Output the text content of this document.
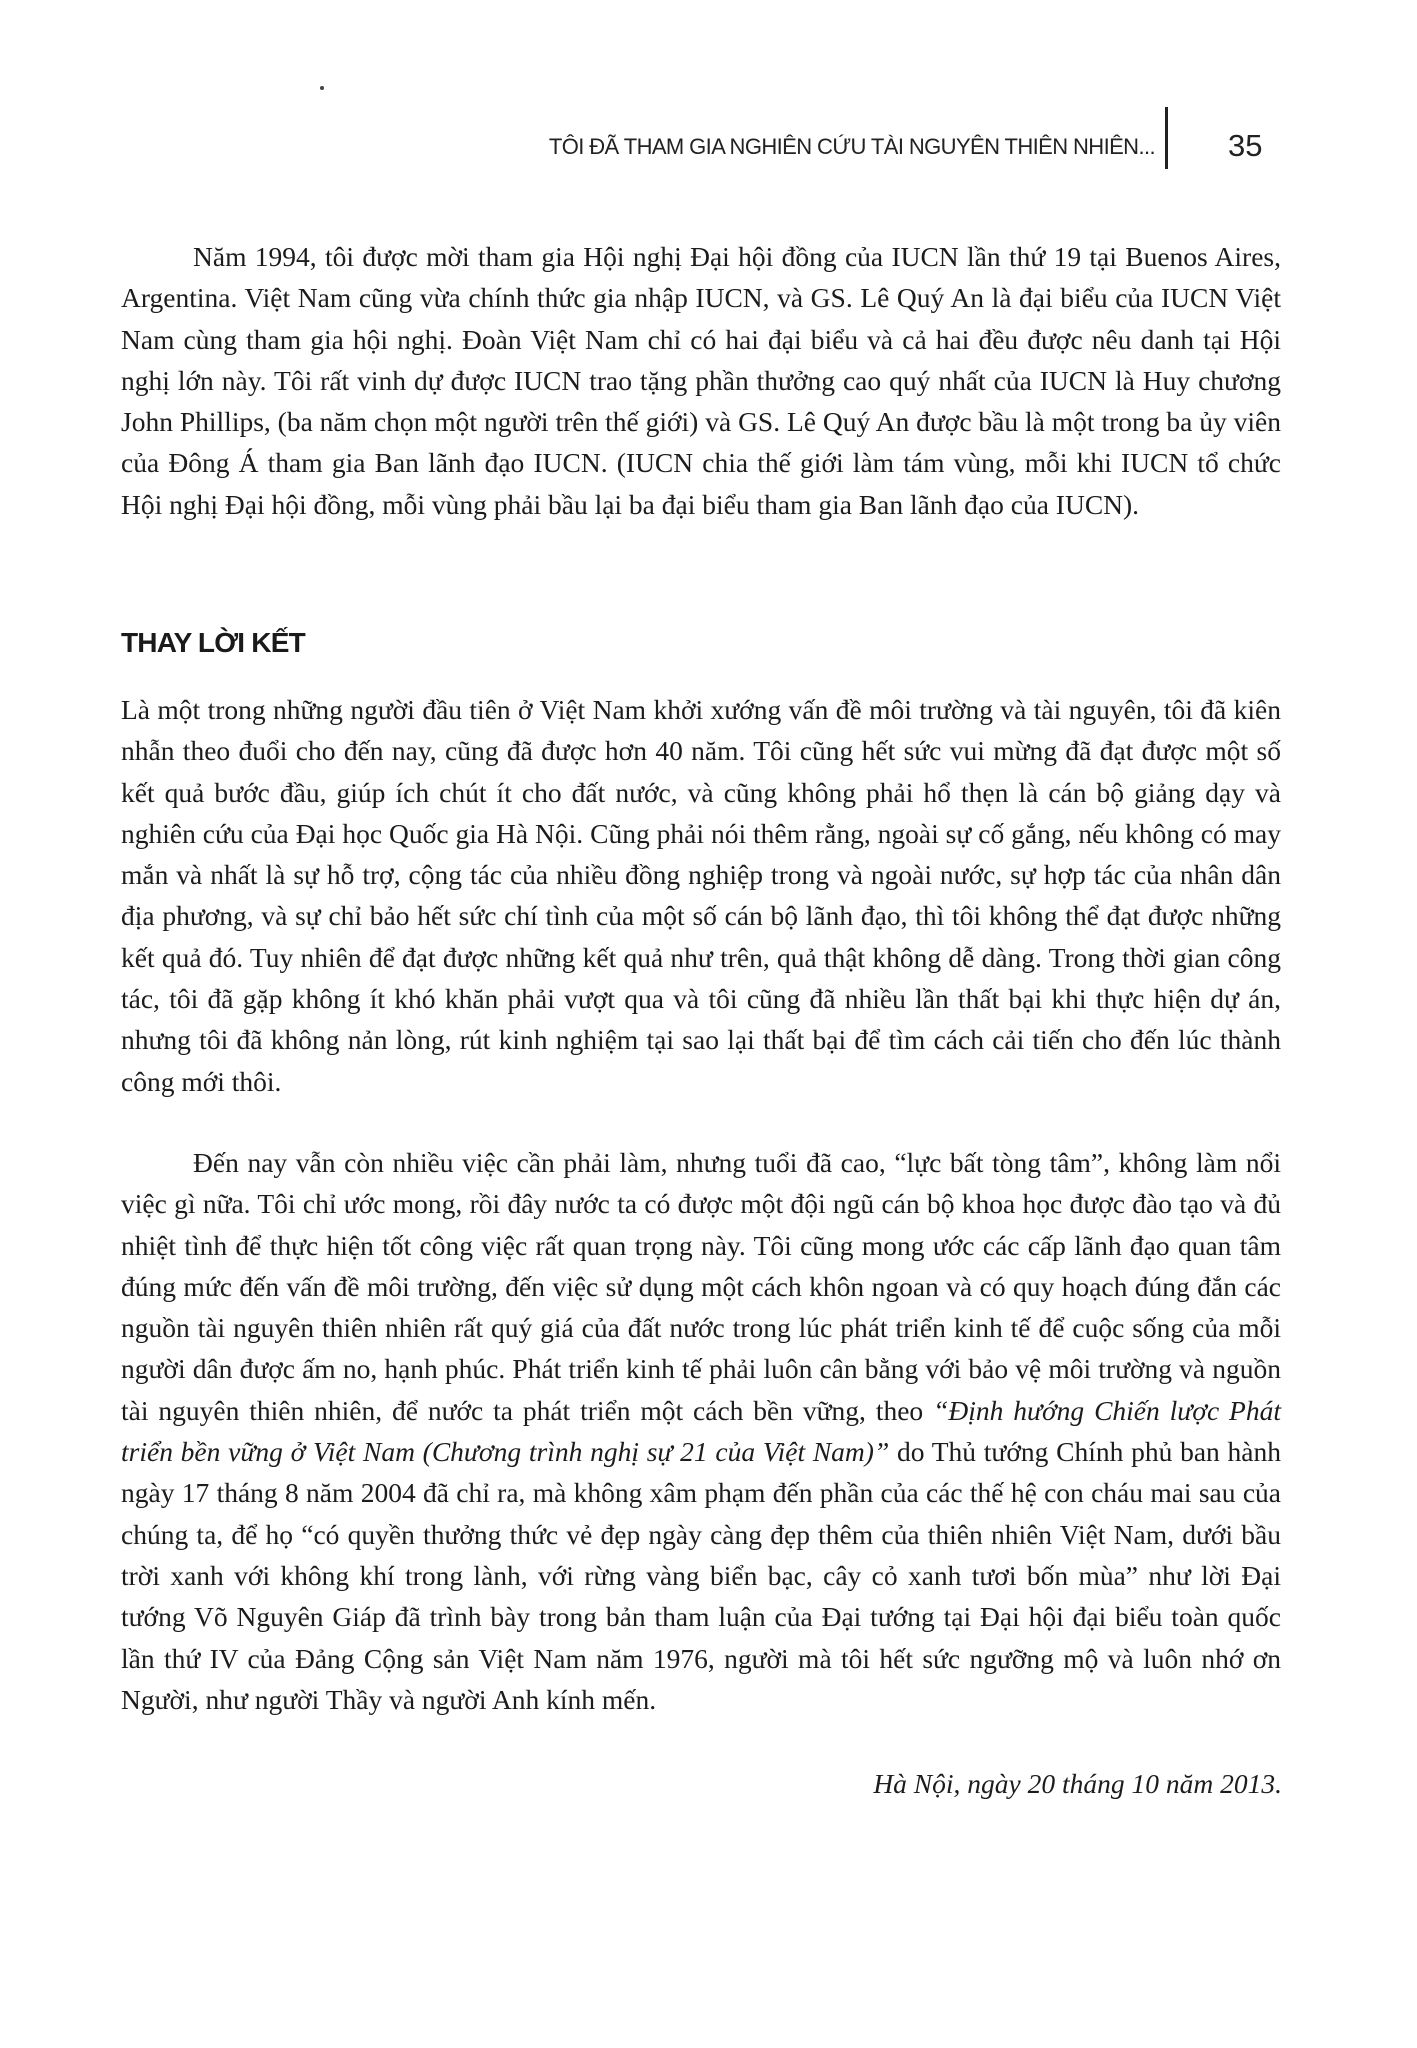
TÔI ĐÃ THAM GIA NGHIÊN CỨU TÀI NGUYÊN THIÊN NHIÊN... 35

Năm 1994, tôi được mời tham gia Hội nghị Đại hội đồng của IUCN lần thứ 19 tại Buenos Aires, Argentina. Việt Nam cũng vừa chính thức gia nhập IUCN, và GS. Lê Quý An là đại biểu của IUCN Việt Nam cùng tham gia hội nghị. Đoàn Việt Nam chỉ có hai đại biểu và cả hai đều được nêu danh tại Hội nghị lớn này. Tôi rất vinh dự được IUCN trao tặng phần thưởng cao quý nhất của IUCN là Huy chương John Phillips, (ba năm chọn một người trên thế giới) và GS. Lê Quý An được bầu là một trong ba ủy viên của Đông Á tham gia Ban lãnh đạo IUCN. (IUCN chia thế giới làm tám vùng, mỗi khi IUCN tổ chức Hội nghị Đại hội đồng, mỗi vùng phải bầu lại ba đại biểu tham gia Ban lãnh đạo của IUCN).

THAY LỜI KẾT

Là một trong những người đầu tiên ở Việt Nam khởi xướng vấn đề môi trường và tài nguyên, tôi đã kiên nhẫn theo đuổi cho đến nay, cũng đã được hơn 40 năm. Tôi cũng hết sức vui mừng đã đạt được một số kết quả bước đầu, giúp ích chút ít cho đất nước, và cũng không phải hổ thẹn là cán bộ giảng dạy và nghiên cứu của Đại học Quốc gia Hà Nội. Cũng phải nói thêm rằng, ngoài sự cố gắng, nếu không có may mắn và nhất là sự hỗ trợ, cộng tác của nhiều đồng nghiệp trong và ngoài nước, sự hợp tác của nhân dân địa phương, và sự chỉ bảo hết sức chí tình của một số cán bộ lãnh đạo, thì tôi không thể đạt được những kết quả đó. Tuy nhiên để đạt được những kết quả như trên, quả thật không dễ dàng. Trong thời gian công tác, tôi đã gặp không ít khó khăn phải vượt qua và tôi cũng đã nhiều lần thất bại khi thực hiện dự án, nhưng tôi đã không nản lòng, rút kinh nghiệm tại sao lại thất bại để tìm cách cải tiến cho đến lúc thành công mới thôi.

Đến nay vẫn còn nhiều việc cần phải làm, nhưng tuổi đã cao, “lực bất tòng tâm”, không làm nổi việc gì nữa. Tôi chỉ ước mong, rồi đây nước ta có được một đội ngũ cán bộ khoa học được đào tạo và đủ nhiệt tình để thực hiện tốt công việc rất quan trọng này. Tôi cũng mong ước các cấp lãnh đạo quan tâm đúng mức đến vấn đề môi trường, đến việc sử dụng một cách khôn ngoan và có quy hoạch đúng đắn các nguồn tài nguyên thiên nhiên rất quý giá của đất nước trong lúc phát triển kinh tế để cuộc sống của mỗi người dân được ấm no, hạnh phúc. Phát triển kinh tế phải luôn cân bằng với bảo vệ môi trường và nguồn tài nguyên thiên nhiên, để nước ta phát triển một cách bền vững, theo “Định hướng Chiến lược Phát triển bền vững ở Việt Nam (Chương trình nghị sự 21 của Việt Nam)” do Thủ tướng Chính phủ ban hành ngày 17 tháng 8 năm 2004 đã chỉ ra, mà không xâm phạm đến phần của các thế hệ con cháu mai sau của chúng ta, để họ “có quyền thưởng thức vẻ đẹp ngày càng đẹp thêm của thiên nhiên Việt Nam, dưới bầu trời xanh với không khí trong lành, với rừng vàng biển bạc, cây cỏ xanh tươi bốn mùa” như lời Đại tướng Võ Nguyên Giáp đã trình bày trong bản tham luận của Đại tướng tại Đại hội đại biểu toàn quốc lần thứ IV của Đảng Cộng sản Việt Nam năm 1976, người mà tôi hết sức ngưỡng mộ và luôn nhớ ơn Người, như người Thầy và người Anh kính mến.

Hà Nội, ngày 20 tháng 10 năm 2013.
